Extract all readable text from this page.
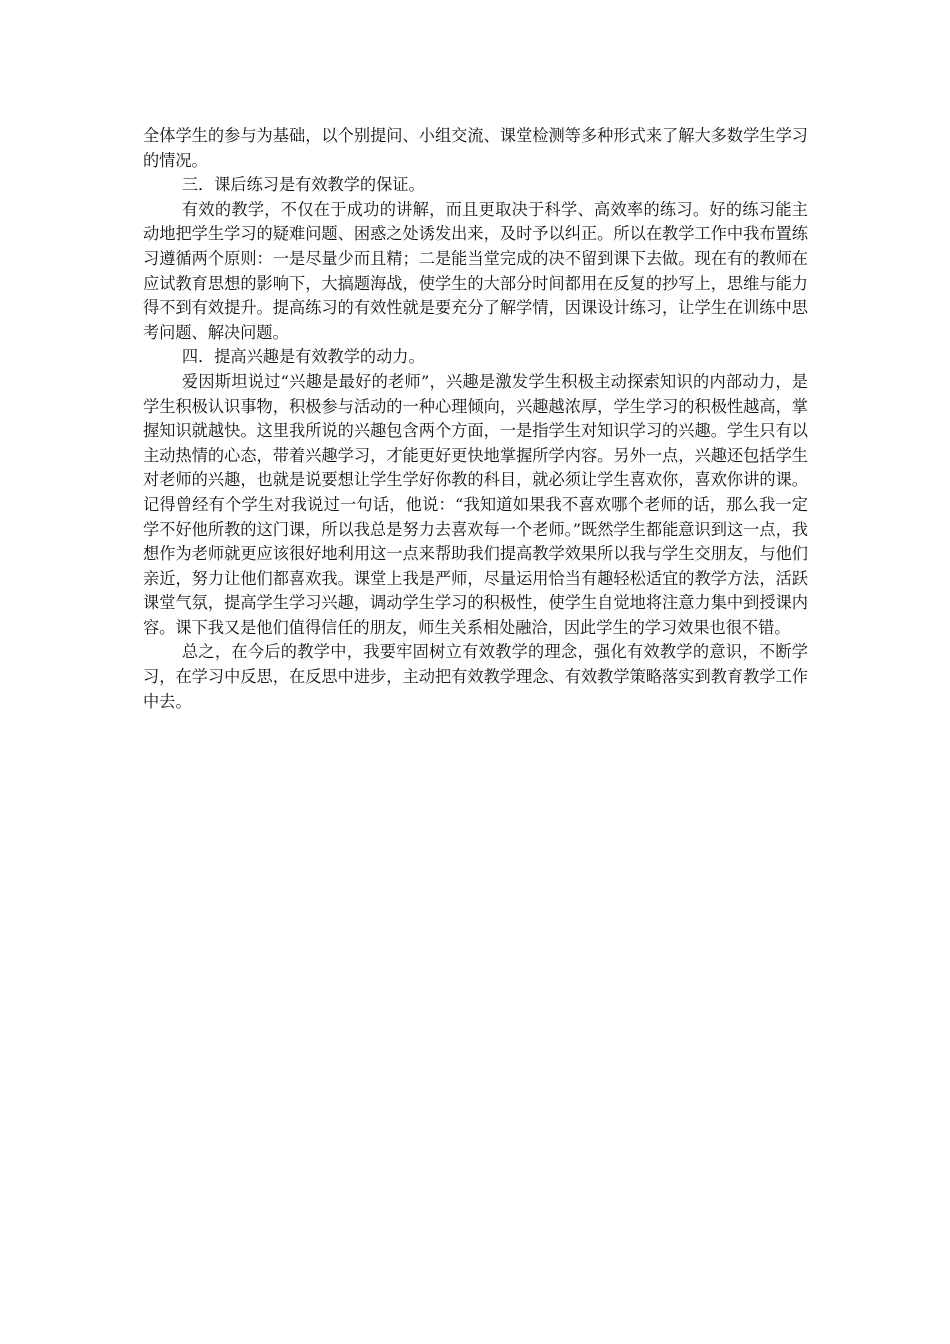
全体学生的参与为基础，以个别提问、小组交流、课堂检测等多种形式来了解大多数学生学习的情况。

三．课后练习是有效教学的保证。

有效的教学，不仅在于成功的讲解，而且更取决于科学、高效率的练习。好的练习能主动地把学生学习的疑难问题、困惑之处诱发出来，及时予以纠正。所以在教学工作中我布置练习遵循两个原则：一是尽量少而且精；二是能当堂完成的决不留到课下去做。现在有的教师在应试教育思想的影响下，大搞题海战，使学生的大部分时间都用在反复的抄写上，思维与能力得不到有效提升。提高练习的有效性就是要充分了解学情，因课设计练习，让学生在训练中思考问题、解决问题。

四．提高兴趣是有效教学的动力。

爱因斯坦说过“兴趣是最好的老师”，兴趣是激发学生积极主动探索知识的内部动力，是学生积极认识事物，积极参与活动的一种心理倾向，兴趣越浓厚，学生学习的积极性越高，掌握知识就越快。这里我所说的兴趣包含两个方面，一是指学生对知识学习的兴趣。学生只有以主动热情的心态，带着兴趣学习，才能更好更快地掌握所学内容。另外一点，兴趣还包括学生对老师的兴趣，也就是说要想让学生学好你教的科目，就必须让学生喜欢你，喜欢你讲的课。记得曾经有个学生对我说过一句话，他说：“我知道如果我不喜欢哪个老师的话，那么我一定学不好他所教的这门课，所以我总是努力去喜欢每一个老师。”既然学生都能意识到这一点，我想作为老师就更应该很好地利用这一点来帮助我们提高教学效果所以我与学生交朋友，与他们亲近，努力让他们都喜欢我。课堂上我是严师，尽量运用恰当有趣轻松适宜的教学方法，活跃课堂气氛，提高学生学习兴趣，调动学生学习的积极性，使学生自觉地将注意力集中到授课内容。课下我又是他们值得信任的朋友，师生关系相处融洽，因此学生的学习效果也很不错。

总之，在今后的教学中，我要牢固树立有效教学的理念，强化有效教学的意识，不断学习，在学习中反思，在反思中进步，主动把有效教学理念、有效教学策略落实到教育教学工作中去。
